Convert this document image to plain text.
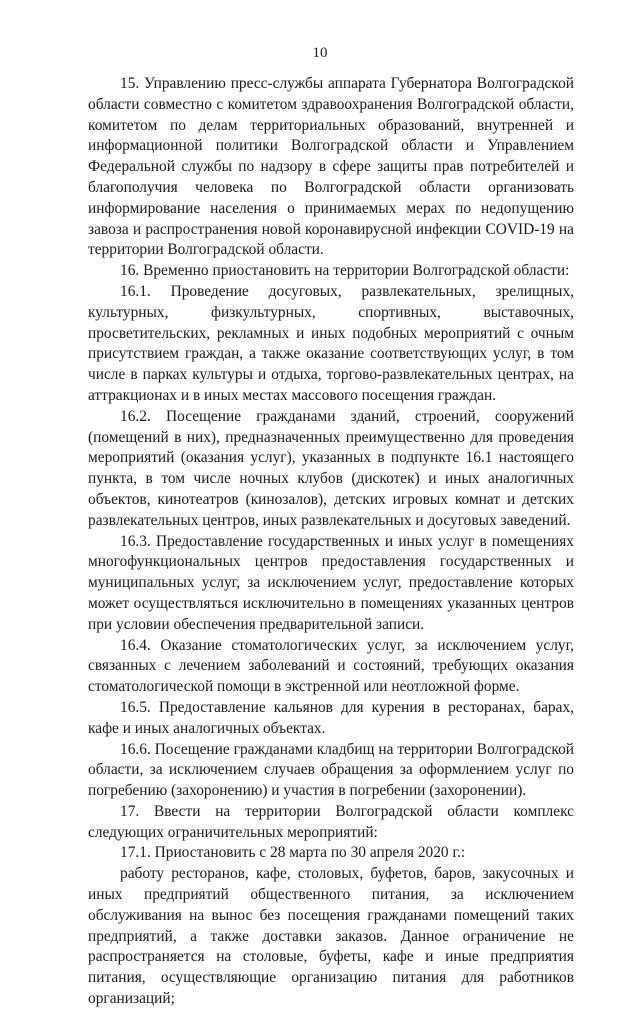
10

15. Управлению пресс-службы аппарата Губернатора Волгоградской области совместно с комитетом здравоохранения Волгоградской области, комитетом по делам территориальных образований, внутренней и информационной политики Волгоградской области и Управлением Федеральной службы по надзору в сфере защиты прав потребителей и благополучия человека по Волгоградской области организовать информирование населения о принимаемых мерах по недопущению завоза и распространения новой коронавирусной инфекции COVID-19 на территории Волгоградской области.

16. Временно приостановить на территории Волгоградской области:

16.1. Проведение досуговых, развлекательных, зрелищных, культурных, физкультурных, спортивных, выставочных, просветительских, рекламных и иных подобных мероприятий с очным присутствием граждан, а также оказание соответствующих услуг, в том числе в парках культуры и отдыха, торгово-развлекательных центрах, на аттракционах и в иных местах массового посещения граждан.

16.2. Посещение гражданами зданий, строений, сооружений (помещений в них), предназначенных преимущественно для проведения мероприятий (оказания услуг), указанных в подпункте 16.1 настоящего пункта, в том числе ночных клубов (дискотек) и иных аналогичных объектов, кинотеатров (кинозалов), детских игровых комнат и детских развлекательных центров, иных развлекательных и досуговых заведений.

16.3. Предоставление государственных и иных услуг в помещениях многофункциональных центров предоставления государственных и муниципальных услуг, за исключением услуг, предоставление которых может осуществляться исключительно в помещениях указанных центров при условии обеспечения предварительной записи.

16.4. Оказание стоматологических услуг, за исключением услуг, связанных с лечением заболеваний и состояний, требующих оказания стоматологической помощи в экстренной или неотложной форме.

16.5. Предоставление кальянов для курения в ресторанах, барах, кафе и иных аналогичных объектах.

16.6. Посещение гражданами кладбищ на территории Волгоградской области, за исключением случаев обращения за оформлением услуг по погребению (захоронению) и участия в погребении (захоронении).

17. Ввести на территории Волгоградской области комплекс следующих ограничительных мероприятий:

17.1. Приостановить с 28 марта по 30 апреля 2020 г.:

работу ресторанов, кафе, столовых, буфетов, баров, закусочных и иных предприятий общественного питания, за исключением обслуживания на вынос без посещения гражданами помещений таких предприятий, а также доставки заказов. Данное ограничение не распространяется на столовые, буфеты, кафе и иные предприятия питания, осуществляющие организацию питания для работников организаций;
